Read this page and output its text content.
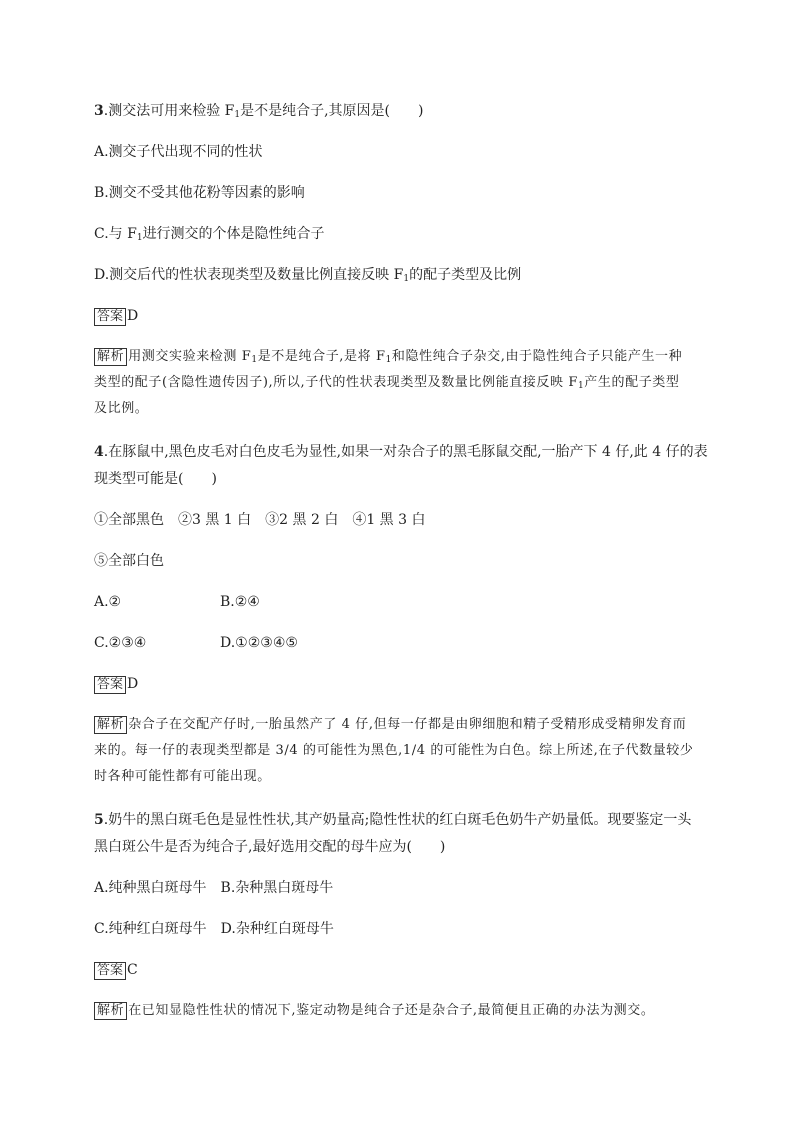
3.测交法可用来检验 $F_1$是不是纯合子,其原因是(　　)
A.测交子代出现不同的性状
B.测交不受其他花粉等因素的影响
C.与 $F_1$进行测交的个体是隐性纯合子
D.测交后代的性状表现类型及数量比例直接反映 $F_1$的配子类型及比例
答案 D
解析 用测交实验来检测 $F_1$是不是纯合子,是将 $F_1$和隐性纯合子杂交,由于隐性纯合子只能产生一种
类型的配子(含隐性遗传因子),所以,子代的性状表现类型及数量比例能直接反映 $F_1$产生的配子类型
及比例。
4.在豚鼠中,黑色皮毛对白色皮毛为显性,如果一对杂合子的黑毛豚鼠交配,一胎产下 4 仔,此 4 仔的表
现类型可能是(　　)
①全部黑色　②3 黑 1 白　③2 黑 2 白　④1 黑 3 白
⑤全部白色
A.②	B.②④
C.②③④	D.①②③④⑤
答案 D
解析 杂合子在交配产仔时,一胎虽然产了 4 仔,但每一仔都是由卵细胞和精子受精形成受精卵发育而
来的。每一仔的表现类型都是 3/4 的可能性为黑色,1/4 的可能性为白色。综上所述,在子代数量较少
时各种可能性都有可能出现。
5.奶牛的黑白斑毛色是显性性状,其产奶量高;隐性性状的红白斑毛色奶牛产奶量低。现要鉴定一头
黑白斑公牛是否为纯合子,最好选用交配的母牛应为(　　)
A.纯种黑白斑母牛　B.杂种黑白斑母牛
C.纯种红白斑母牛　D.杂种红白斑母牛
答案 C
解析 在已知显隐性性状的情况下,鉴定动物是纯合子还是杂合子,最简便且正确的办法为测交。
